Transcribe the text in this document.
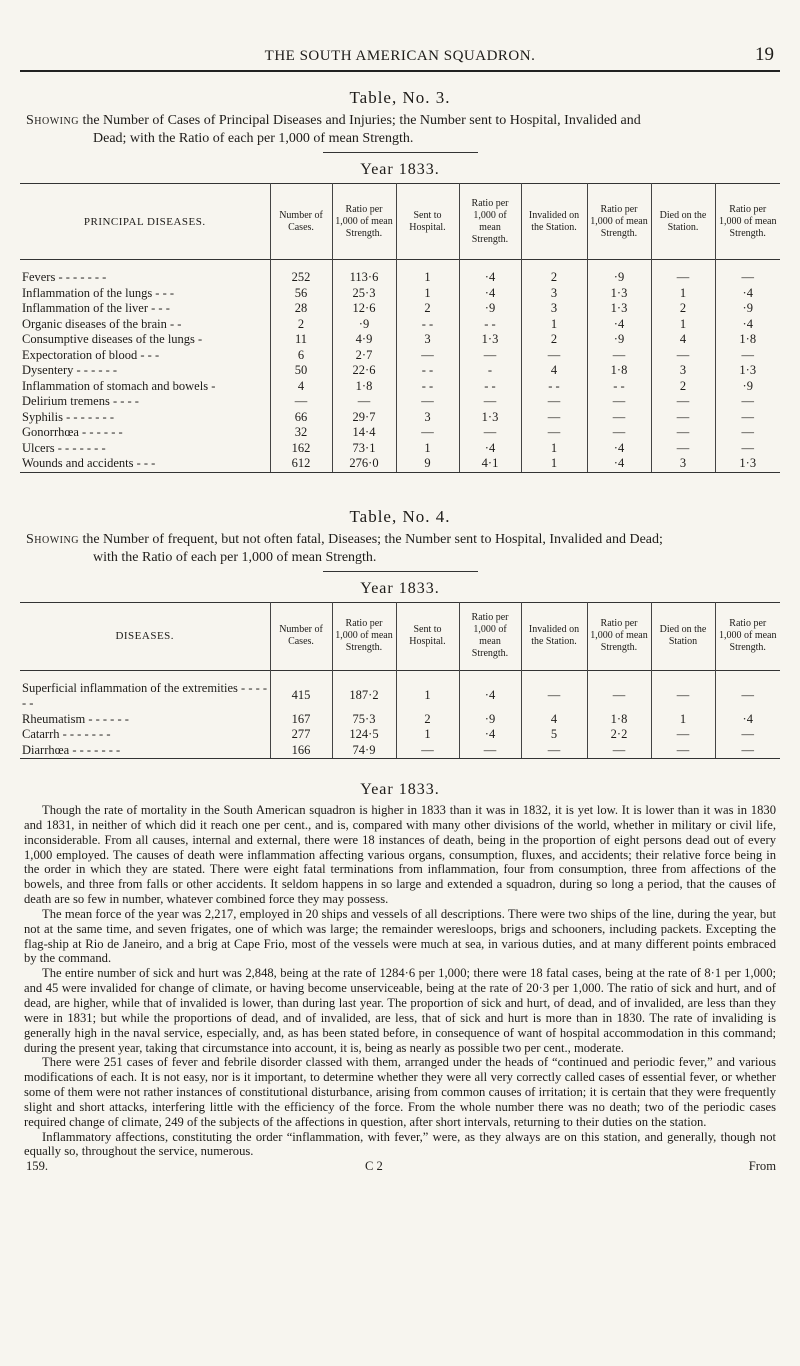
THE SOUTH AMERICAN SQUADRON.	19
Table, No. 3.
Showing the Number of Cases of Principal Diseases and Injuries; the Number sent to Hospital, Invalided and
Dead; with the Ratio of each per 1,000 of mean Strength.
Year 1833.
PRINCIPAL DISEASES.	Number of Cases.	Ratio per 1,000 of mean Strength.	Sent to Hospital.	Ratio per 1,000 of mean Strength.	Invalided on the Station.	Ratio per 1,000 of mean Strength.	Died on the Station.	Ratio per 1,000 of mean Strength.

Fevers - - - - - - -	252	113·6	1	·4	2	·9	—	—
Inflammation of the lungs - - -	56	25·3	1	·4	3	1·3	1	·4
Inflammation of the liver - - -	28	12·6	2	·9	3	1·3	2	·9
Organic diseases of the brain - -	2	·9	- -	- -	1	·4	1	·4
Consumptive diseases of the lungs -	11	4·9	3	1·3	2	·9	4	1·8
Expectoration of blood - - -	6	2·7	—	—	—	—	—	—
Dysentery - - - - - -	50	22·6	- -	-	4	1·8	3	1·3
Inflammation of stomach and bowels -	4	1·8	- -	- -	- -	- -	2	·9
Delirium tremens - - - -	—	—	—	—	—	—	—	—
Syphilis - - - - - - -	66	29·7	3	1·3	—	—	—	—
Gonorrhœa - - - - - -	32	14·4	—	—	—	—	—	—
Ulcers - - - - - - -	162	73·1	1	·4	1	·4	—	—
Wounds and accidents - - -	612	276·0	9	4·1	1	·4	3	1·3
Table, No. 4.
Showing the Number of frequent, but not often fatal, Diseases; the Number sent to Hospital, Invalided and Dead;
with the Ratio of each per 1,000 of mean Strength.
Year 1833.
DISEASES.	Number of Cases.	Ratio per 1,000 of mean Strength.	Sent to Hospital.	Ratio per 1,000 of mean Strength.	Invalided on the Station.	Ratio per 1,000 of mean Strength.	Died on the Station	Ratio per 1,000 of mean Strength.

Superficial inflammation of the extremities - - - - - -	415	187·2	1	·4	—	—	—	—
Rheumatism - - - - - -	167	75·3	2	·9	4	1·8	1	·4
Catarrh - - - - - - -	277	124·5	1	·4	5	2·2	—	—
Diarrhœa - - - - - - -	166	74·9	—	—	—	—	—	—
Year 1833.

Though the rate of mortality in the South American squadron is higher in 1833 than it was in 1832, it is yet low. It is lower than it was in 1830 and 1831, in neither of which did it reach one per cent., and is, compared with many other divisions of the world, whether in military or civil life, inconsiderable. From all causes, internal and external, there were 18 instances of death, being in the proportion of eight persons dead out of every 1,000 employed. The causes of death were inflammation affecting various organs, consumption, fluxes, and accidents; their relative force being in the order in which they are stated. There were eight fatal terminations from inflammation, four from consumption, three from affections of the bowels, and three from falls or other accidents. It seldom happens in so large and extended a squadron, during so long a period, that the causes of death are so few in number, whatever combined force they may possess.

The mean force of the year was 2,217, employed in 20 ships and vessels of all descriptions. There were two ships of the line, during the year, but not at the same time, and seven frigates, one of which was large; the remainder weresloops, brigs and schooners, including packets. Excepting the flag-ship at Rio de Janeiro, and a brig at Cape Frio, most of the vessels were much at sea, in various duties, and at many different points embraced by the command.

The entire number of sick and hurt was 2,848, being at the rate of 1284·6 per 1,000; there were 18 fatal cases, being at the rate of 8·1 per 1,000; and 45 were invalided for change of climate, or having become unserviceable, being at the rate of 20·3 per 1,000. The ratio of sick and hurt, and of dead, are higher, while that of invalided is lower, than during last year. The proportion of sick and hurt, of dead, and of invalided, are less than they were in 1831; but while the proportions of dead, and of invalided, are less, that of sick and hurt is more than in 1830. The rate of invaliding is generally high in the naval service, especially, and, as has been stated before, in consequence of want of hospital accommodation in this command; during the present year, taking that circumstance into account, it is, being as nearly as possible two per cent., moderate.

There were 251 cases of fever and febrile disorder classed with them, arranged under the heads of “continued and periodic fever,” and various modifications of each. It is not easy, nor is it important, to determine whether they were all very correctly called cases of essential fever, or whether some of them were not rather instances of constitutional disturbance, arising from common causes of irritation; it is certain that they were frequently slight and short attacks, interfering little with the efficiency of the force. From the whole number there was no death; two of the periodic cases required change of climate, 249 of the subjects of the affections in question, after short intervals, returning to their duties on the station.

Inflammatory affections, constituting the order “inflammation, with fever,” were, as they always are on this station, and generally, though not equally so, throughout the service, numerous.

159.	C 2	From
